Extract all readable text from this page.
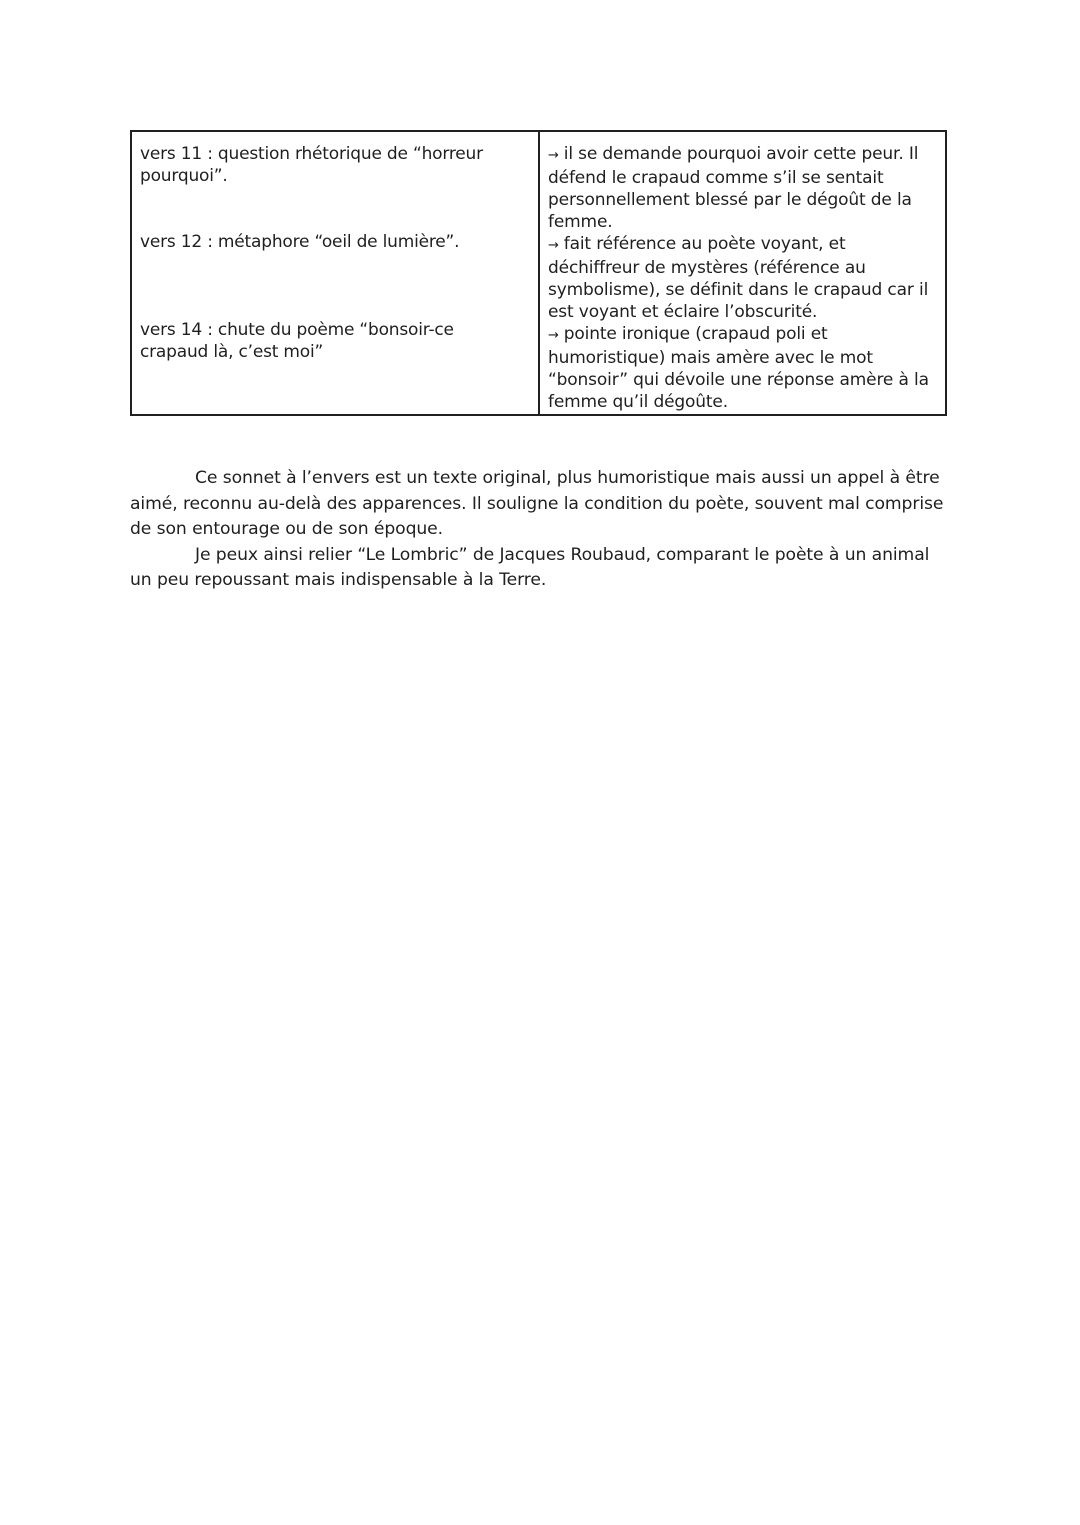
vers 11 : question rhétorique de “horreur pourquoi”.
vers 12 : métaphore “oeil de lumière”.
vers 14 : chute du poème “bonsoir-ce crapaud là, c’est moi”

→ il se demande pourquoi avoir cette peur. Il défend le crapaud comme s’il se sentait personnellement blessé par le dégoût de la femme.

→ fait référence au poète voyant, et déchiffreur de mystères (référence au symbolisme), se définit dans le crapaud car il est voyant et éclaire l’obscurité.

→ pointe ironique (crapaud poli et humoristique) mais amère avec le mot “bonsoir” qui dévoile une réponse amère à la femme qu’il dégoûte.

Ce sonnet à l’envers est un texte original, plus humoristique mais aussi un appel à être aimé, reconnu au-delà des apparences. Il souligne la condition du poète, souvent mal comprise de son entourage ou de son époque.

Je peux ainsi relier “Le Lombric” de Jacques Roubaud, comparant le poète à un animal un peu repoussant mais indispensable à la Terre.
